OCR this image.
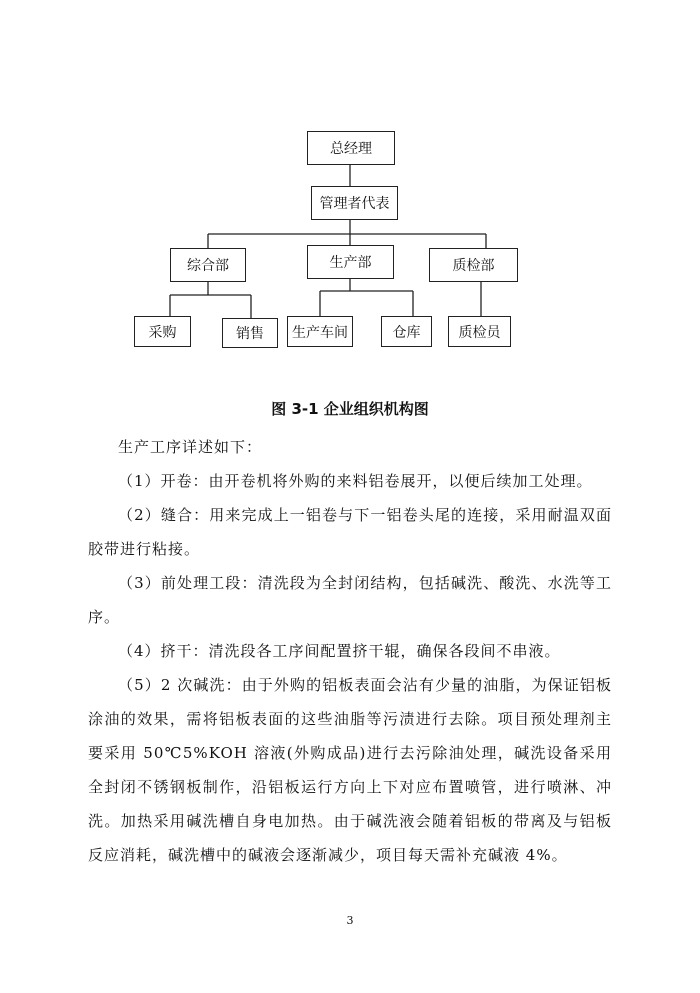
总经理
管理者代表
综合部	生产部	质检部
采购	销售	生产车间	仓库	质检员
图 3-1 企业组织机构图

生产工序详述如下：

（1）开卷：由开卷机将外购的来料铝卷展开，以便后续加工处理。

（2）缝合：用来完成上一铝卷与下一铝卷头尾的连接，采用耐温双面胶带进行粘接。

（3）前处理工段：清洗段为全封闭结构，包括碱洗、酸洗、水洗等工序。

（4）挤干：清洗段各工序间配置挤干辊，确保各段间不串液。

（5）2 次碱洗：由于外购的铝板表面会沾有少量的油脂，为保证铝板涂油的效果，需将铝板表面的这些油脂等污渍进行去除。项目预处理剂主要采用 50℃5%KOH 溶液(外购成品)进行去污除油处理，碱洗设备采用全封闭不锈钢板制作，沿铝板运行方向上下对应布置喷管，进行喷淋、冲洗。加热采用碱洗槽自身电加热。由于碱洗液会随着铝板的带离及与铝板反应消耗，碱洗槽中的碱液会逐渐减少，项目每天需补充碱液 4%。

3
